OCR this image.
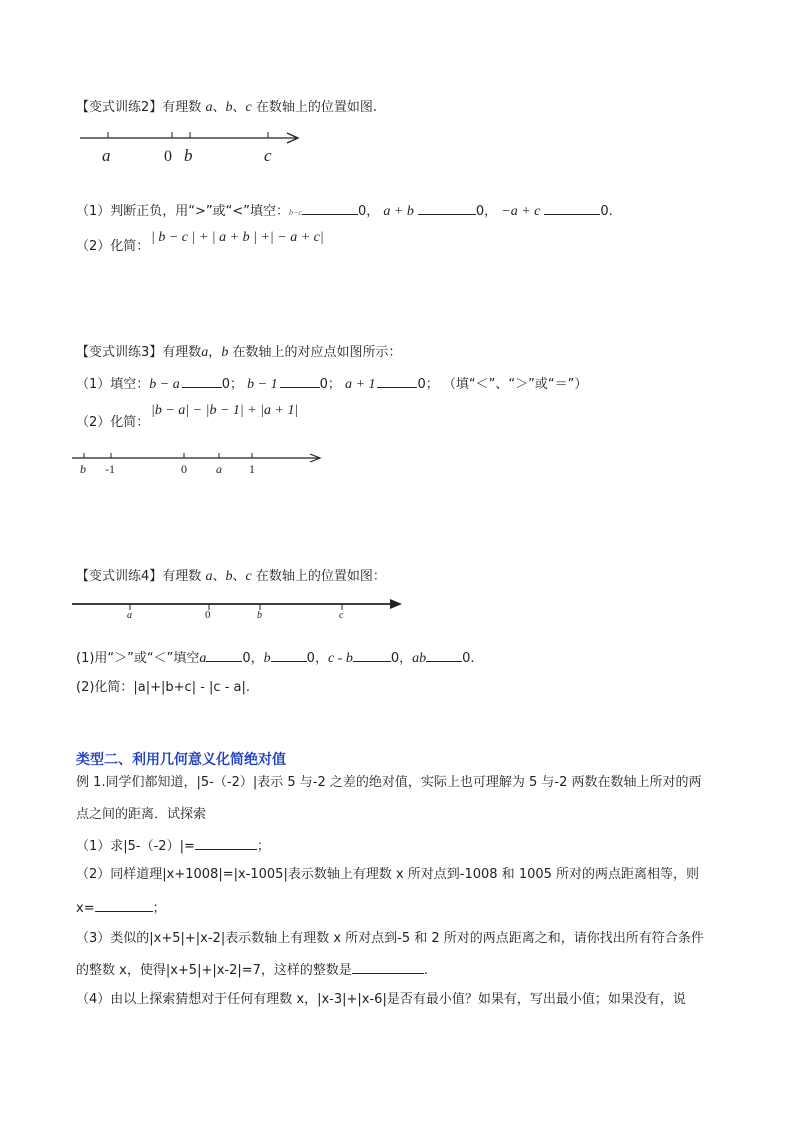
a	0 b	c
b -1	0 a 1
a	0	b	c
【变式训练2】有理数 a、b、c 在数轴上的位置如图.
（1）判断正负，用“>”或“<”填空：b−c	0， a + b	0， −a + c	0.
（2）化简：
| b − c | + | a + b | +| − a + c|
【变式训练3】有理数a，b 在数轴上的对应点如图所示：
（1）填空：b − a	0； b − 1	0； a + 1	0； （填“＜”、“＞”或“＝”）
（2）化简：
|b − a| − |b − 1| + |a + 1|
【变式训练4】有理数 a、b、c 在数轴上的位置如图：
(1)用“＞”或“＜”填空a	0，b	0，c - b	0，ab	0.
(2)化简：|a|+|b+c| - |c - a|.
类型二、利用几何意义化简绝对值
例 1.同学们都知道，|5-（-2）|表示 5 与-2 之差的绝对值，实际上也可理解为 5 与-2 两数在数轴上所对的两
点之间的距离．试探索
（1）求|5-（-2）|=	；
（2）同样道理|x+1008|=|x-1005|表示数轴上有理数 x 所对点到-1008 和 1005 所对的两点距离相等，则
x=	；
（3）类似的|x+5|+|x-2|表示数轴上有理数 x 所对点到-5 和 2 所对的两点距离之和，请你找出所有符合条件
的整数 x，使得|x+5|+|x-2|=7，这样的整数是	.
（4）由以上探索猜想对于任何有理数 x，|x-3|+|x-6|是否有最小值？如果有，写出最小值；如果没有，说
